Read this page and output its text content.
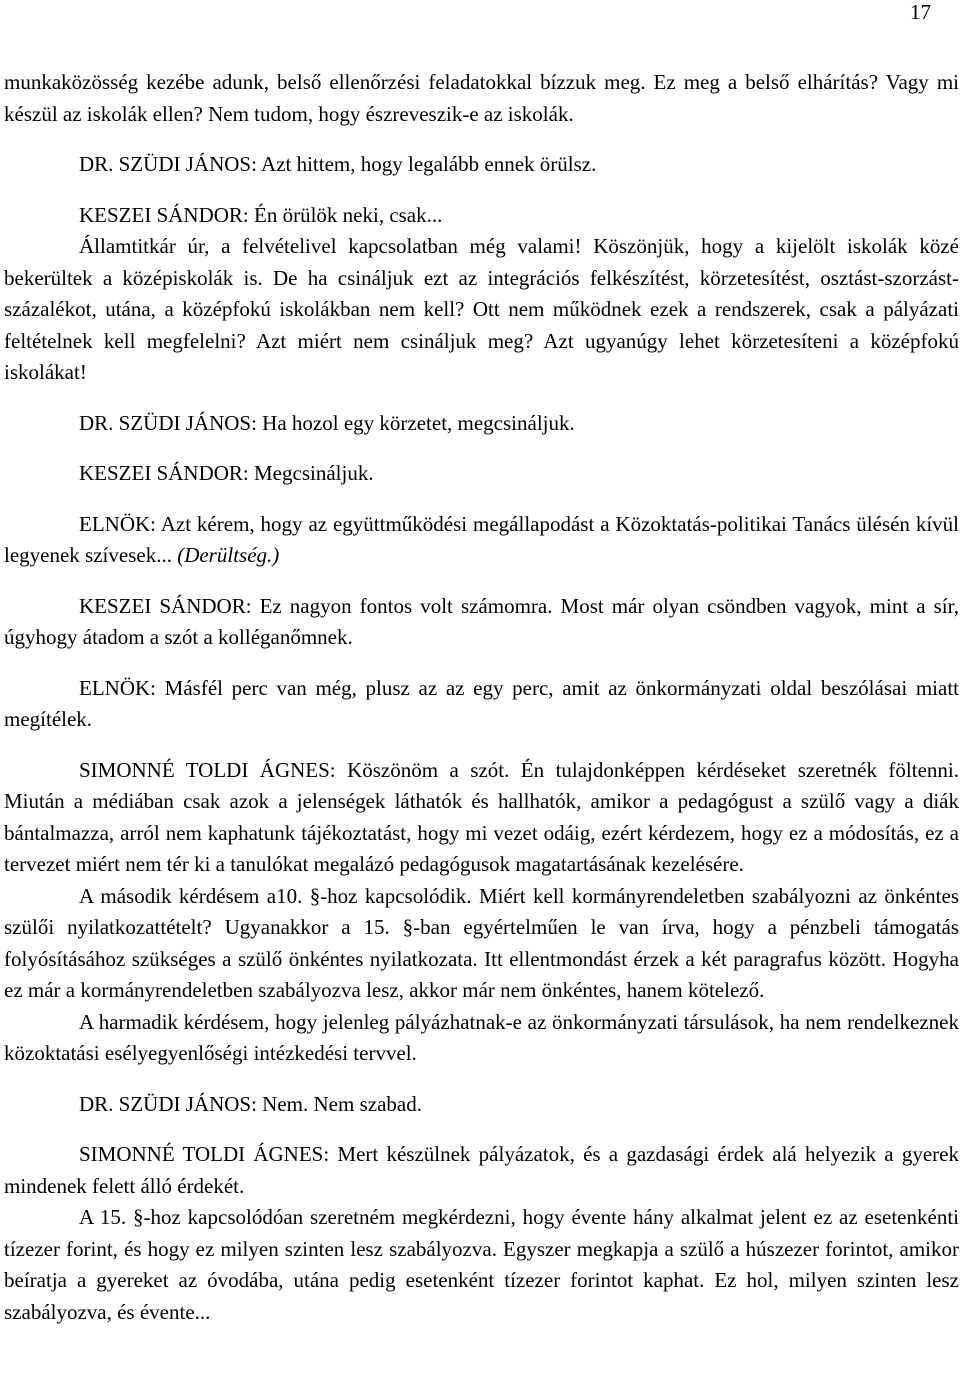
17

munkaközösség kezébe adunk, belső ellenőrzési feladatokkal bízzuk meg. Ez meg a belső elhárítás? Vagy mi készül az iskolák ellen? Nem tudom, hogy észreveszik-e az iskolák.

DR. SZÜDI JÁNOS: Azt hittem, hogy legalább ennek örülsz.

KESZEI SÁNDOR: Én örülök neki, csak...

Államtitkár úr, a felvételivel kapcsolatban még valami! Köszönjük, hogy a kijelölt iskolák közé bekerültek a középiskolák is. De ha csináljuk ezt az integrációs felkészítést, körzetesítést, osztást-szorzást-százalékot, utána, a középfokú iskolákban nem kell? Ott nem működnek ezek a rendszerek, csak a pályázati feltételnek kell megfelelni? Azt miért nem csináljuk meg? Azt ugyanúgy lehet körzetesíteni a középfokú iskolákat!

DR. SZÜDI JÁNOS: Ha hozol egy körzetet, megcsináljuk.

KESZEI SÁNDOR: Megcsináljuk.

ELNÖK: Azt kérem, hogy az együttműködési megállapodást a Közoktatás-politikai Tanács ülésén kívül legyenek szívesek... (Derültség.)

KESZEI SÁNDOR: Ez nagyon fontos volt számomra. Most már olyan csöndben vagyok, mint a sír, úgyhogy átadom a szót a kolléganőmnek.

ELNÖK: Másfél perc van még, plusz az az egy perc, amit az önkormányzati oldal beszólásai miatt megítélek.

SIMONNÉ TOLDI ÁGNES: Köszönöm a szót. Én tulajdonképpen kérdéseket szeretnék föltenni. Miután a médiában csak azok a jelenségek láthatók és hallhatók, amikor a pedagógust a szülő vagy a diák bántalmazza, arról nem kaphatunk tájékoztatást, hogy mi vezet odáig, ezért kérdezem, hogy ez a módosítás, ez a tervezet miért nem tér ki a tanulókat megalázó pedagógusok magatartásának kezelésére.

A második kérdésem a10. §-hoz kapcsolódik. Miért kell kormányrendeletben szabályozni az önkéntes szülői nyilatkozattételt? Ugyanakkor a 15. §-ban egyértelműen le van írva, hogy a pénzbeli támogatás folyósításához szükséges a szülő önkéntes nyilatkozata. Itt ellentmondást érzek a két paragrafus között. Hogyha ez már a kormányrendeletben szabályozva lesz, akkor már nem önkéntes, hanem kötelező.

A harmadik kérdésem, hogy jelenleg pályázhatnak-e az önkormányzati társulások, ha nem rendelkeznek közoktatási esélyegyenlőségi intézkedési tervvel.

DR. SZÜDI JÁNOS: Nem. Nem szabad.

SIMONNÉ TOLDI ÁGNES: Mert készülnek pályázatok, és a gazdasági érdek alá helyezik a gyerek mindenek felett álló érdekét.

A 15. §-hoz kapcsolódóan szeretném megkérdezni, hogy évente hány alkalmat jelent ez az esetenkénti tízezer forint, és hogy ez milyen szinten lesz szabályozva. Egyszer megkapja a szülő a húszezer forintot, amikor beíratja a gyereket az óvodába, utána pedig esetenként tízezer forintot kaphat. Ez hol, milyen szinten lesz szabályozva, és évente...
